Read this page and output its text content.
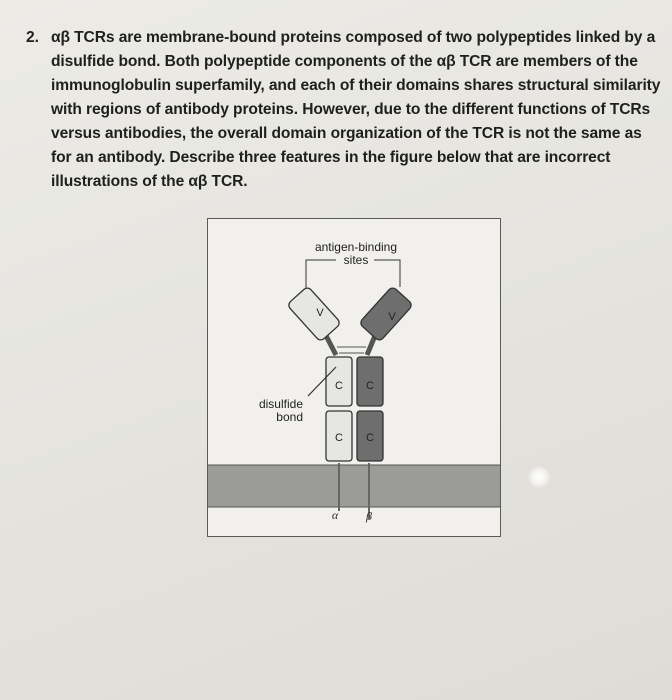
2. αβ TCRs are membrane-bound proteins composed of two polypeptides linked by a disulfide bond. Both polypeptide components of the αβ TCR are members of the immunoglobulin superfamily, and each of their domains shares structural similarity with regions of antibody proteins. However, due to the different functions of TCRs versus antibodies, the overall domain organization of the TCR is not the same as for an antibody. Describe three features in the figure below that are incorrect illustrations of the αβ TCR.
antigen-binding
sites
V	V
C
C
C
C
disulfide
bond
α β
